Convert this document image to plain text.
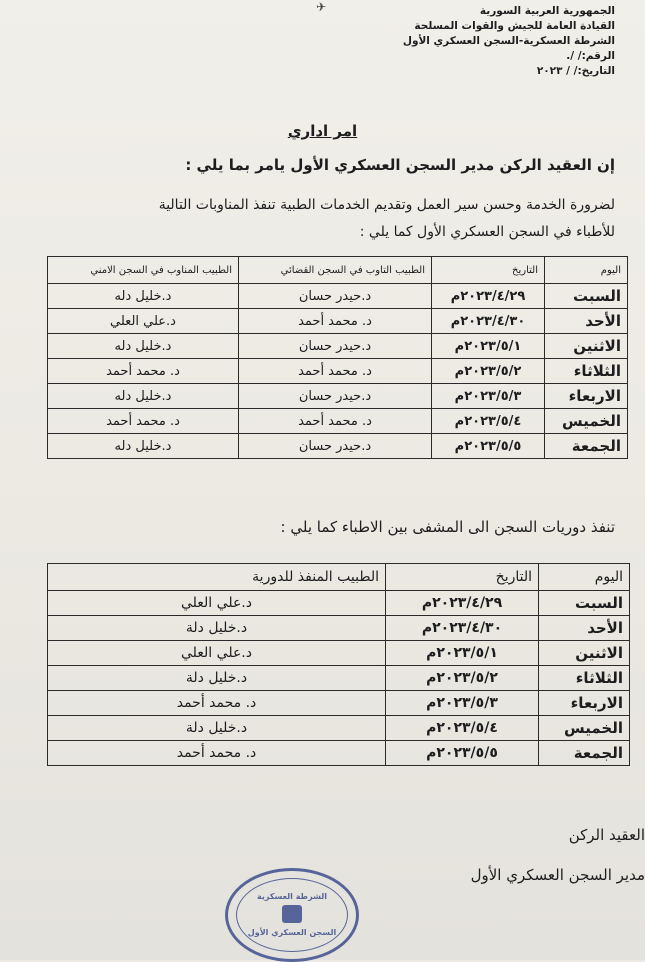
✈	الجمهورية العربية السورية
القيادة العامة للجيش والقوات المسلحة
الشرطة العسكرية-السجن العسكري الأول
الرقم:/ /.
التاريخ:/ / ٢٠٢٣
امر اداري
إن العقيد الركن مدير السجن العسكري الأول يامر بما يلي :
لضرورة الخدمة وحسن سير العمل وتقديم الخدمات الطبية تنفذ المناوبات التالية
للأطباء في السجن العسكري الأول كما يلي :
اليوم	التاريخ	الطبيب التاوب في السجن القضائي	الطبيب المناوب في السجن الامني
السبت	٢٠٢٣/٤/٢٩م	د.حيدر حسان	د.خليل دله
الأحد	٢٠٢٣/٤/٣٠م	د. محمد أحمد	د.علي العلي
الاثنين	٢٠٢٣/٥/١م	د.حيدر حسان	د.خليل دله
الثلاثاء	٢٠٢٣/٥/٢م	د. محمد أحمد	د. محمد أحمد
الاربعاء	٢٠٢٣/٥/٣م	د.حيدر حسان	د.خليل دله
الخميس	٢٠٢٣/٥/٤م	د. محمد أحمد	د. محمد أحمد
الجمعة	٢٠٢٣/٥/٥م	د.حيدر حسان	د.خليل دله
تنفذ دوريات السجن الى المشفى بين الاطباء كما يلي :
اليوم	التاريخ	الطبيب المنفذ للدورية
السبت	٢٠٢٣/٤/٢٩م	د.علي العلي
الأحد	٢٠٢٣/٤/٣٠م	د.خليل دلة
الاثنين	٢٠٢٣/٥/١م	د.علي العلي
الثلاثاء	٢٠٢٣/٥/٢م	د.خليل دلة
الاربعاء	٢٠٢٣/٥/٣م	د. محمد أحمد
الخميس	٢٠٢٣/٥/٤م	د.خليل دلة
الجمعة	٢٠٢٣/٥/٥م	د. محمد أحمد
العقيد الركن
مدير السجن العسكري الأول
الشرطة العسكرية
السجن العسكري الأول
